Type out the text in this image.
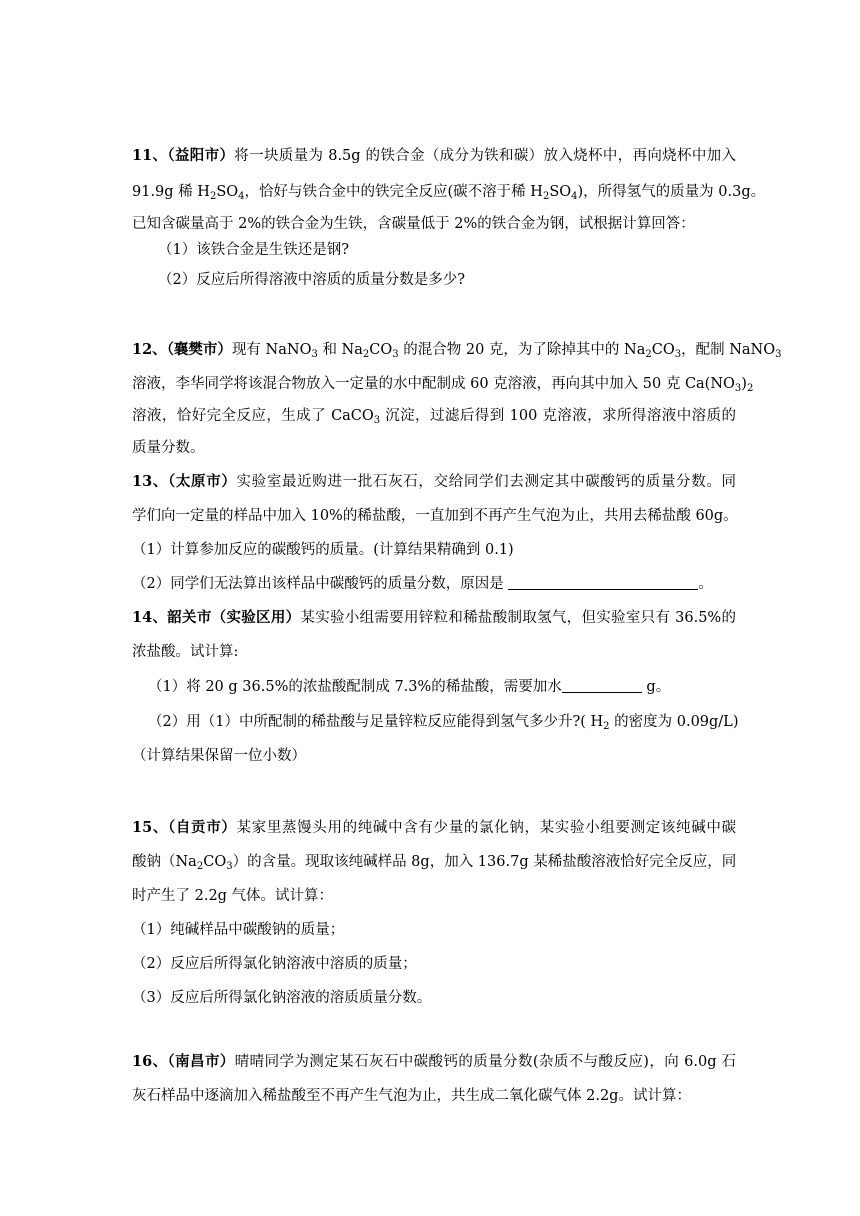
11、（益阳市）将一块质量为 8.5g 的铁合金（成分为铁和碳）放入烧杯中，再向烧杯中加入
91.9g 稀 $H_2SO_4$，恰好与铁合金中的铁完全反应(碳不溶于稀 $H_2SO_4$)，所得氢气的质量为 0.3g。
已知含碳量高于 2%的铁合金为生铁，含碳量低于 2%的铁合金为钢，试根据计算回答：
（1）该铁合金是生铁还是钢?
（2）反应后所得溶液中溶质的质量分数是多少?
12、（襄樊市）现有 NaNO$_3$ 和 $Na_2CO_3$ 的混合物 20 克，为了除掉其中的 $Na_2CO_3$，配制 NaNO$_3$
溶液，李华同学将该混合物放入一定量的水中配制成 60 克溶液，再向其中加入 50 克 $Ca(NO_3)_2$
溶液，恰好完全反应，生成了 CaCO$_3$ 沉淀，过滤后得到 100 克溶液，求所得溶液中溶质的
质量分数。
13、（太原市）实验室最近购进一批石灰石，交给同学们去测定其中碳酸钙的质量分数。同
学们向一定量的样品中加入 10%的稀盐酸，一直加到不再产生气泡为止，共用去稀盐酸 60g。
（1）计算参加反应的碳酸钙的质量。(计算结果精确到 0.1)
（2）同学们无法算出该样品中碳酸钙的质量分数，原因是	。
14、韶关市（实验区用）某实验小组需要用锌粒和稀盐酸制取氢气，但实验室只有 36.5%的
浓盐酸。试计算:
（1）将 20 g 36.5%的浓盐酸配制成 7.3%的稀盐酸，需要加水	g。
（2）用（1）中所配制的稀盐酸与足量锌粒反应能得到氢气多少升?( $H_2$ 的密度为 0.09g/L)
（计算结果保留一位小数）
15、（自贡市）某家里蒸馒头用的纯碱中含有少量的氯化钠，某实验小组要测定该纯碱中碳
酸钠$(Na_2CO_3)$的含量。现取该纯碱样品 8g，加入 136.7g 某稀盐酸溶液恰好完全反应，同
时产生了 2.2g 气体。试计算：
（1）纯碱样品中碳酸钠的质量；
（2）反应后所得氯化钠溶液中溶质的质量；
（3）反应后所得氯化钠溶液的溶质质量分数。
16、（南昌市）晴晴同学为测定某石灰石中碳酸钙的质量分数(杂质不与酸反应)，向 6.0g 石
灰石样品中逐滴加入稀盐酸至不再产生气泡为止，共生成二氧化碳气体 2.2g。试计算：
